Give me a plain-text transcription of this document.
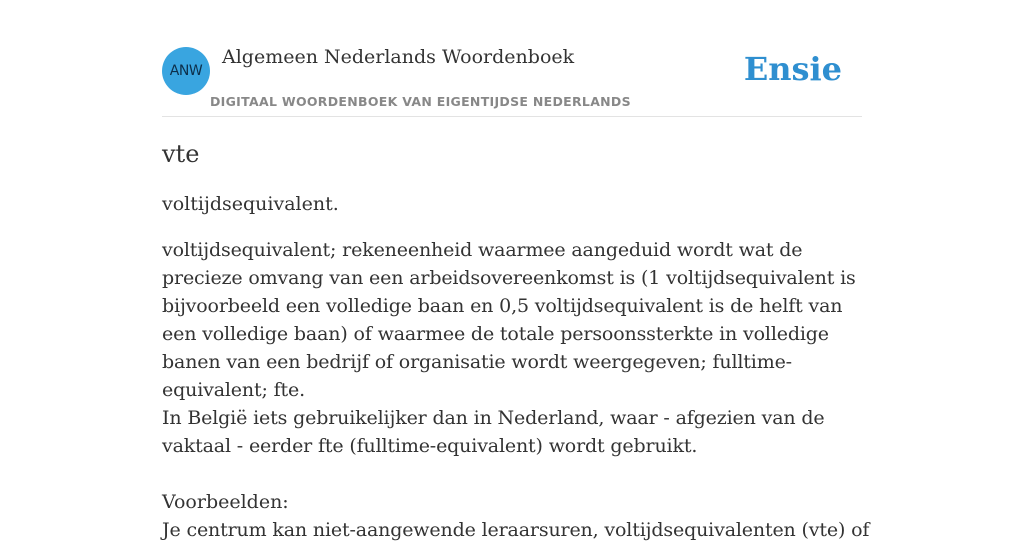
ANW
Algemeen Nederlands Woordenboek
DIGITAAL WOORDENBOEK VAN EIGENTIJDSE NEDERLANDS
Ensie
vte

voltijdsequivalent.

voltijdsequivalent; rekeneenheid waarmee aangeduid wordt wat de precieze omvang van een arbeidsovereenkomst is (1 voltijdsequivalent is bijvoorbeeld een volledige baan en 0,5 voltijdsequivalent is de helft van een volledige baan) of waarmee de totale persoonssterkte in volledige banen van een bedrijf of organisatie wordt weergegeven; fulltime-equivalent; fte.

In België iets gebruikelijker dan in Nederland, waar - afgezien van de vaktaal - eerder fte (fulltime-equivalent) wordt gebruikt.

Voorbeelden:

Je centrum kan niet-aangewende leraarsuren, voltijdsequivalenten (vte) of
